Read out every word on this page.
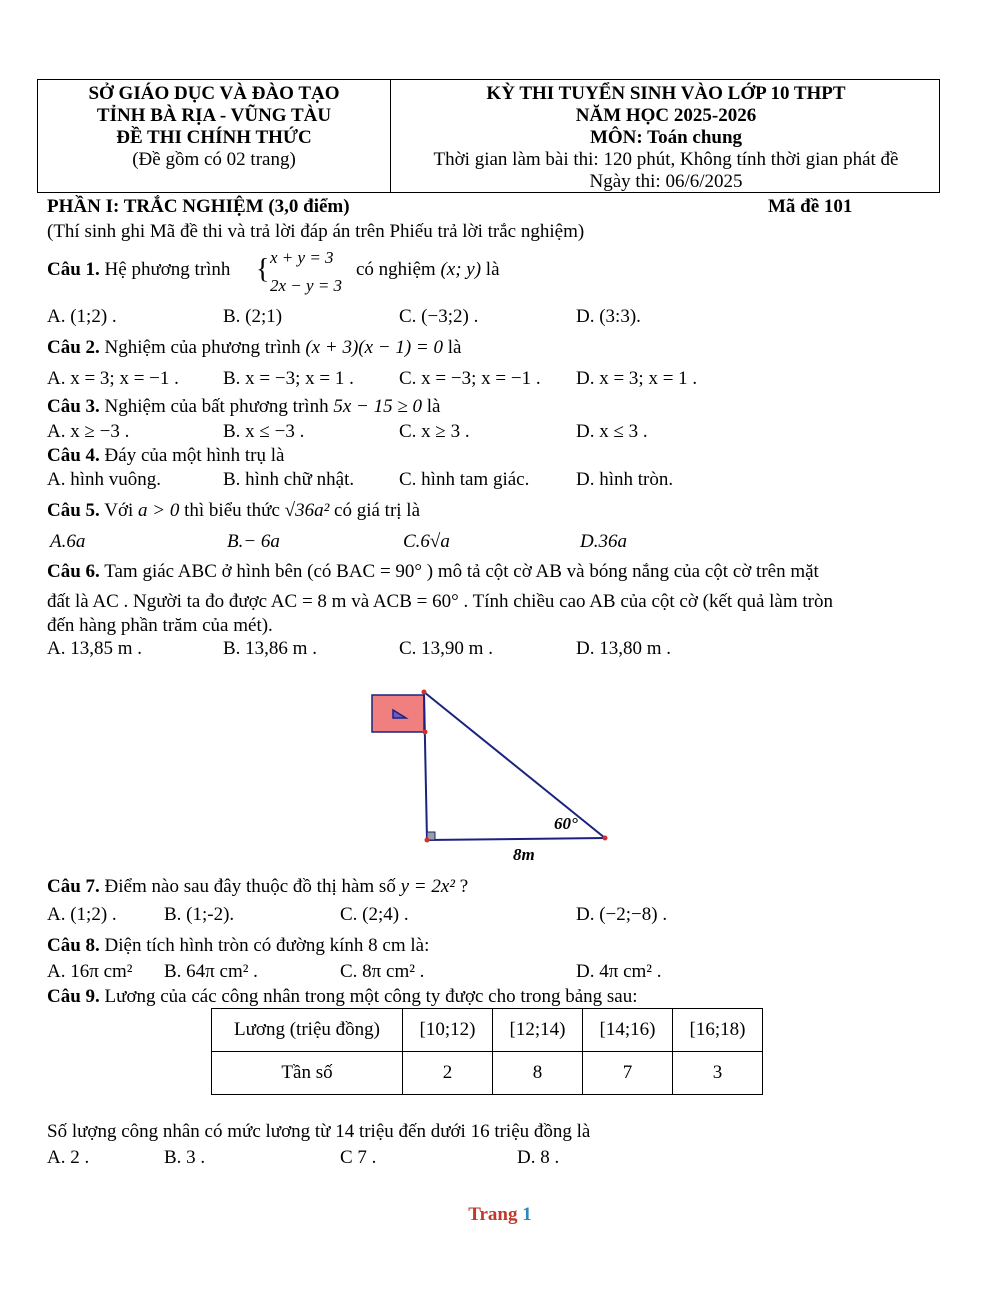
SỞ GIÁO DỤC VÀ ĐÀO TẠO
TỈNH BÀ RỊA - VŨNG TÀU
ĐỀ THI CHÍNH THỨC
(Đề gồm có 02 trang)
KỲ THI TUYỂN SINH VÀO LỚP 10 THPT
NĂM HỌC 2025-2026
MÔN: Toán chung
Thời gian làm bài thi: 120 phút, Không tính thời gian phát đề
Ngày thi: 06/6/2025
PHẦN I: TRẮC NGHIỆM (3,0 điểm)	Mã đề 101
(Thí sinh ghi Mã đề thi và trả lời đáp án trên Phiếu trả lời trắc nghiệm)
Câu 1. Hệ phương trình { x + y = 3
2x − y = 3
có nghiệm (x; y) là
A. (1;2) .	B. (2;1)	C. (−3;2) .	D. (3:3).
Câu 2. Nghiệm của phương trình (x + 3)(x − 1) = 0 là
A. x = 3; x = −1 . B. x = −3; x = 1 . C. x = −3; x = −1 . D. x = 3; x = 1 .
Câu 3. Nghiệm của bất phương trình 5x − 15 ≥ 0 là
A. x ≥ −3 .	B. x ≤ −3 .	C. x ≥ 3 .	D. x ≤ 3 .
Câu 4. Đáy của một hình trụ là
A. hình vuông.	B. hình chữ nhật. C. hình tam giác. D. hình tròn.
Câu 5. Với a > 0 thì biểu thức √36a² có giá trị là
A.6a	B.− 6a	C.6√a	D.36a
Câu 6. Tam giác ABC ở hình bên (có BAC = 90° ) mô tả cột cờ AB và bóng nắng của cột cờ trên mặt
đất là AC . Người ta đo được AC = 8 m và ACB = 60° . Tính chiều cao AB của cột cờ (kết quả làm tròn
đến hàng phần trăm của mét).
A. 13,85 m .	B. 13,86 m .	C. 13,90 m .	D. 13,80 m .
60°
8m
Câu 7. Điểm nào sau đây thuộc đồ thị hàm số y = 2x² ?
A. (1;2) . B. (1;-2).	C. (2;4) .	D. (−2;−8) .
Câu 8. Diện tích hình tròn có đường kính 8 cm là:
A. 16π cm² B. 64π cm² .	C. 8π cm² .	D. 4π cm² .
Câu 9. Lương của các công nhân trong một công ty được cho trong bảng sau:
Lương (triệu đồng)	[10;12)	[12;14)	[14;16)	[16;18)
Tần số	2	8	7	3
Số lượng công nhân có mức lương từ 14 triệu đến dưới 16 triệu đồng là
A. 2 .	B. 3 .	C 7 .	D. 8 .
Trang 1
